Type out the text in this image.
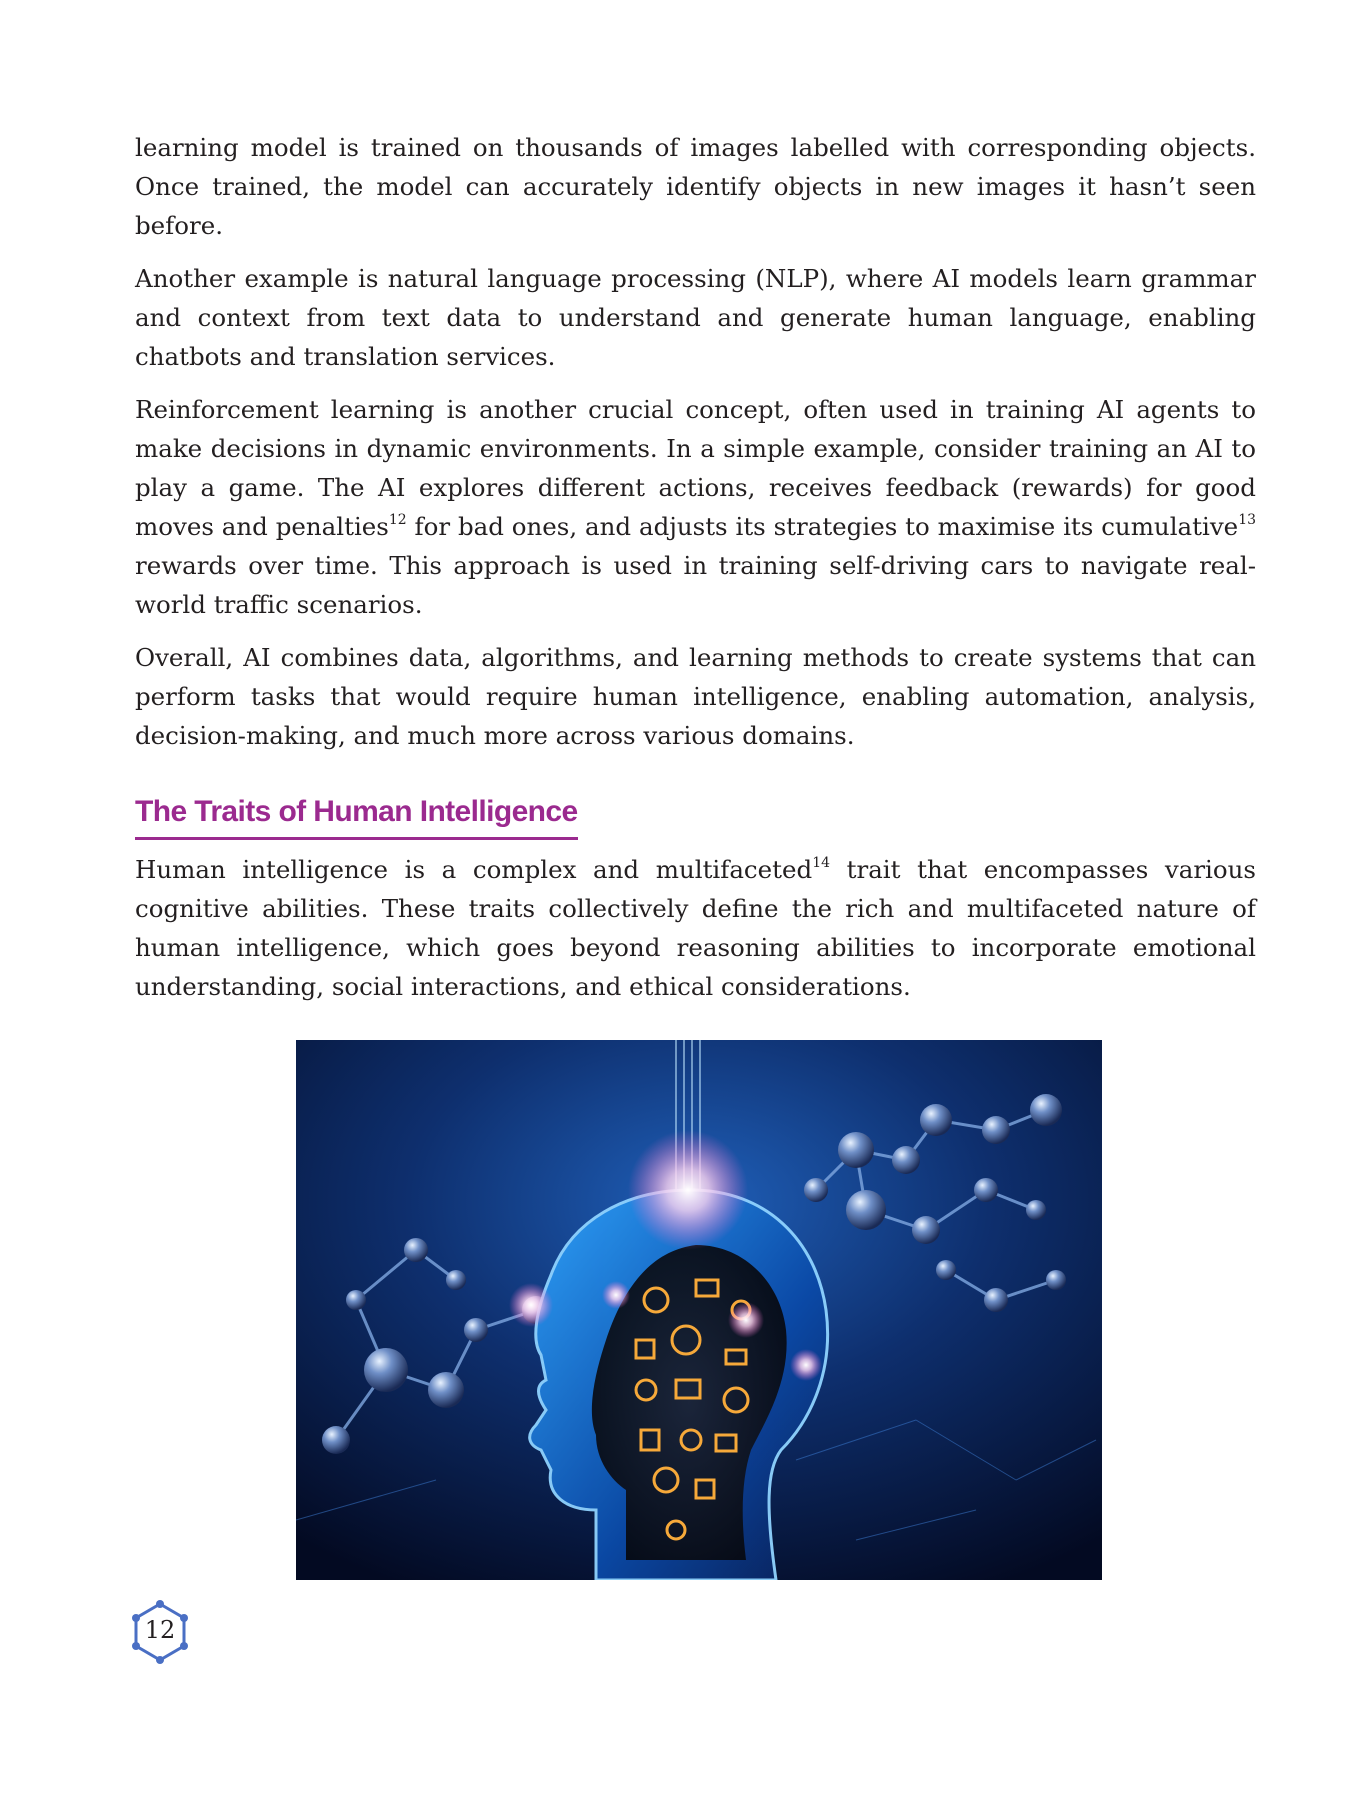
learning model is trained on thousands of images labelled with corresponding objects. Once trained, the model can accurately identify objects in new images it hasn’t seen before.

Another example is natural language processing (NLP), where AI models learn grammar and context from text data to understand and generate human language, enabling chatbots and translation services.

Reinforcement learning is another crucial concept, often used in training AI agents to make decisions in dynamic environments. In a simple example, consider training an AI to play a game. The AI explores different actions, receives feedback (rewards) for good moves and penalties$^{12}$ for bad ones, and adjusts its strategies to maximise its cumulative$^{13}$ rewards over time. This approach is used in training self-driving cars to navigate real-world traffic scenarios.

Overall, AI combines data, algorithms, and learning methods to create systems that can perform tasks that would require human intelligence, enabling automation, analysis, decision-making, and much more across various domains.

The Traits of Human Intelligence

Human intelligence is a complex and multifaceted$^{14}$ trait that encompasses various cognitive abilities. These traits collectively define the rich and multifaceted nature of human intelligence, which goes beyond reasoning abilities to incorporate emotional understanding, social interactions, and ethical considerations.

12
